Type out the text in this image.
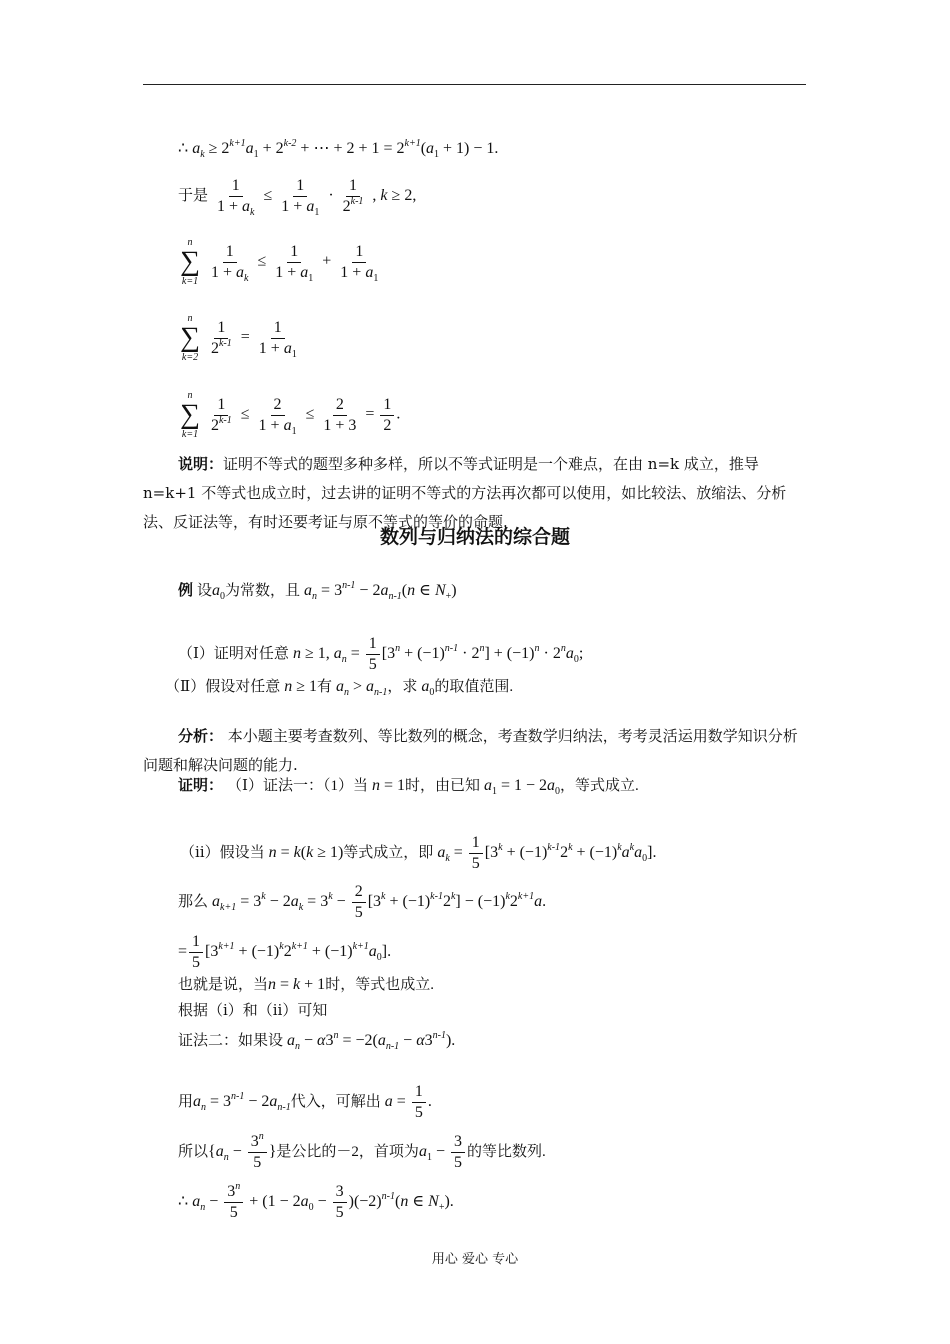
∴ $a_k \ge 2^{k+1}a_1 + 2^{k-2}$ + ⋯ + $2 + 1 = 2^{k+1}(a_1 + 1) - 1$.
于是 $\frac{1}{1 + a_k} \le \frac{1}{1 + a_1} \cdot \frac{1}{2^{k-1}}$ , k ≥ 2,
n
∑
k=1
$\frac{1}{1 + a_k} \le \frac{1}{1 + a_1} + \frac{1}{1 + a_1}$
n
∑
k=2
$\frac{1}{2^{k-1}} = \frac{1}{1 + a_1}$
n
∑
k=1
$\frac{1}{2^{k-1}} \le \frac{2}{1 + a_1} \le \frac{2}{1 + 3} = \frac{1}{2}$ .
说明：证明不等式的题型多种多样，所以不等式证明是一个难点，在由 n=k 成立，推导 n=k+1 不等式也成立时，过去讲的证明不等式的方法再次都可以使用，如比较法、放缩法、分析法、反证法等，有时还要考证与原不等式的等价的命题.
数列与归纳法的综合题
例 设$a_0$为常数，且 $a_n = 3^{n-1} - 2a_{n-1}(n$ ∈ $N_+$)
（Ⅰ）证明对任意 n ≥ 1, $a_n = \frac{1}{5} [3^n + (-1)^{n-1} \cdot 2^n] + (-1)^n \cdot 2^na_0$;
（Ⅱ）假设对任意 n ≥ 1有 $a_n > a_{n-1}$，求 $a_0$的取值范围.
分析： 本小题主要考查数列、等比数列的概念，考查数学归纳法，考考灵活运用数学知识分析问题和解决问题的能力.
证明： （Ⅰ）证法一：（1）当 n = 1时，由已知 $a_1 = 1 - 2a_0$，等式成立.
（ⅱ）假设当 n = k(k ≥ 1)等式成立，即 $a_k = \frac{1}{5} [3^k + (-1)^{k-1}2^k + (-1)^ka^ka_0]$.
那么 $a_{k+1} = 3^k - 2a_k = 3^k - \frac{2}{5} [3^k + (-1)^{k-1}2^k] - (-1)^k2^{k+1}a$.
= $\frac{1}{5} [3^{k+1} + (-1)^k2^{k+1} + (-1)^{k+1}a_0]$.
也就是说，当n = k + 1时，等式也成立.
根据（ⅰ）和（ⅱ）可知
证法二：如果设 $a_n - \alpha 3^n = -2(a_{n-1} - \alpha 3^{n-1})$.
用$a_n = 3^{n-1} - 2a_{n-1}$代入，可解出 $a = \frac{1}{5}$ .
所以{$a_n - \frac{3^n}{5}$ }是公比的－2，首项为$a_1 - \frac{3}{5}$ 的等比数列.
∴ $a_n - \frac{3^n}{5} + (1 - 2a_0 - \frac{3}{5} )(-2)^{n-1}(n$ ∈ $N_+$).
用心 爱心 专心
